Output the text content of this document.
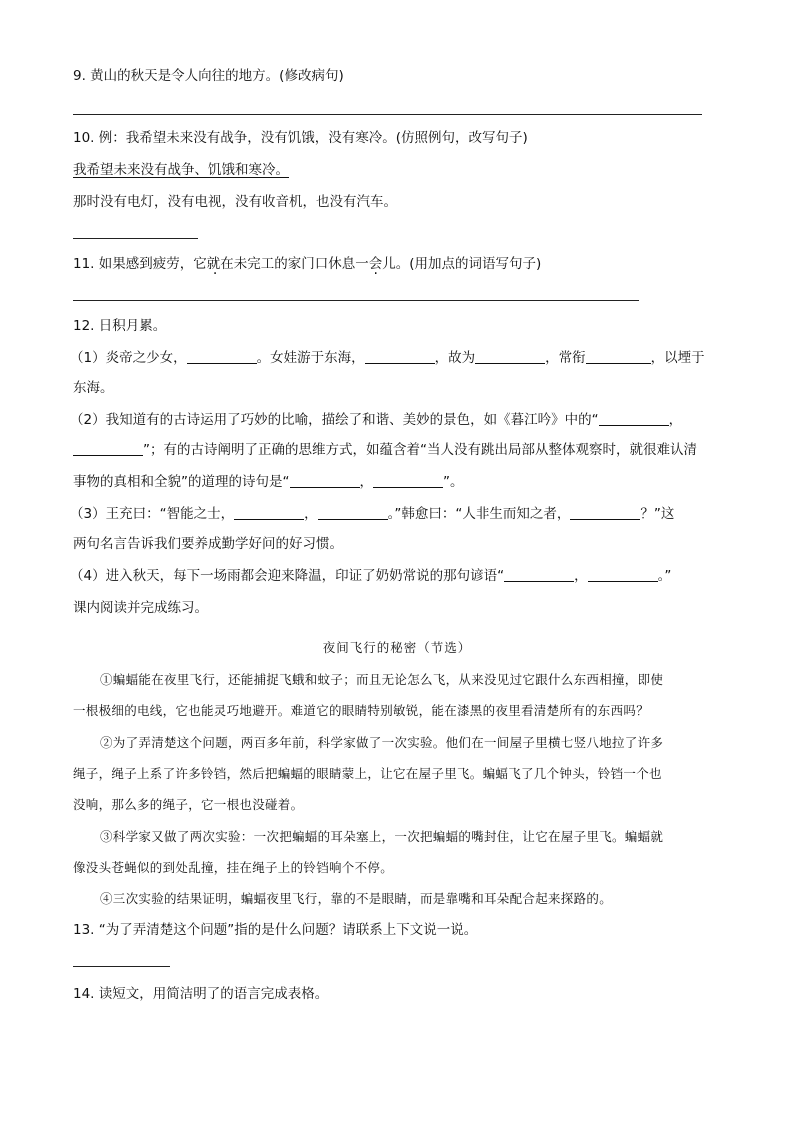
9. 黄山的秋天是令人向往的地方。(修改病句)
10. 例：我希望未来没有战争，没有饥饿，没有寒冷。(仿照例句，改写句子)
我希望未来没有战争、饥饿和寒冷。
那时没有电灯，没有电视，没有收音机，也没有汽车。
11. 如果感到疲劳，它就在未完工的家门口休息一会儿。(用加点的词语写句子)
12. 日积月累。
（1）炎帝之少女，	。女娃游于东海，	，故为	，常衔	，以堙于
东海。
（2）我知道有的古诗运用了巧妙的比喻，描绘了和谐、美妙的景色，如《暮江吟》中的“	，
”；有的古诗阐明了正确的思维方式，如蕴含着“当人没有跳出局部从整体观察时，就很难认清
事物的真相和全貌”的道理的诗句是“	，	”。
（3）王充曰：“智能之士，	，	。”韩愈曰：“人非生而知之者，	？”这
两句名言告诉我们要养成勤学好问的好习惯。
（4）进入秋天，每下一场雨都会迎来降温，印证了奶奶常说的那句谚语“	，	。”
课内阅读并完成练习。
夜间飞行的秘密（节选）
①蝙蝠能在夜里飞行，还能捕捉飞蛾和蚊子；而且无论怎么飞，从来没见过它跟什么东西相撞，即使
一根极细的电线，它也能灵巧地避开。难道它的眼睛特别敏锐，能在漆黑的夜里看清楚所有的东西吗？
②为了弄清楚这个问题，两百多年前，科学家做了一次实验。他们在一间屋子里横七竖八地拉了许多
绳子，绳子上系了许多铃铛，然后把蝙蝠的眼睛蒙上，让它在屋子里飞。蝙蝠飞了几个钟头，铃铛一个也
没响，那么多的绳子，它一根也没碰着。
③科学家又做了两次实验：一次把蝙蝠的耳朵塞上，一次把蝙蝠的嘴封住，让它在屋子里飞。蝙蝠就
像没头苍蝇似的到处乱撞，挂在绳子上的铃铛响个不停。
④三次实验的结果证明，蝙蝠夜里飞行，靠的不是眼睛，而是靠嘴和耳朵配合起来探路的。
13. “为了弄清楚这个问题”指的是什么问题？请联系上下文说一说。
14. 读短文，用简洁明了的语言完成表格。
